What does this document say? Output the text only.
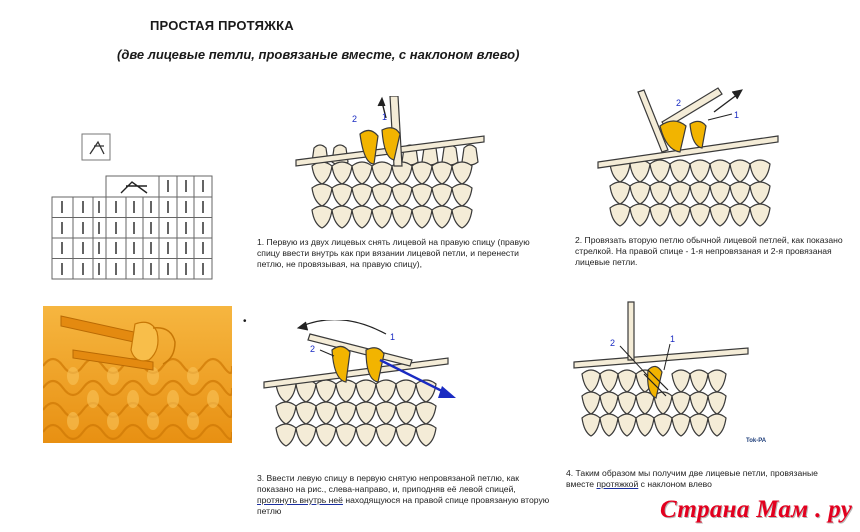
ПРОСТАЯ ПРОТЯЖКА
(две лицевые петли, провязаные вместе, с наклоном влево)
•
2	1
2
1
2
1
2	1
1. Первую из двух лицевых снять лицевой на правую спицу (правую спицу ввести внутрь как при вязании лицевой петли, и перенести петлю, не провязывая, на правую спицу),
2. Провязать вторую петлю обычной лицевой петлей, как показано стрелкой. На правой спице - 1-я непровязаная и 2-я провязаная лицевые петли.
3. Ввести левую спицу в первую снятую непровязаной петлю, как показано на рис., слева-направо, и, приподняв её левой спицей, протянуть внутрь неё находящуюся на правой спице провязаную вторую петлю
4. Таким образом мы получим две лицевые петли, провязаные вместе протяжкой с наклоном влево
Tok-PA
Страна Мам . ру
